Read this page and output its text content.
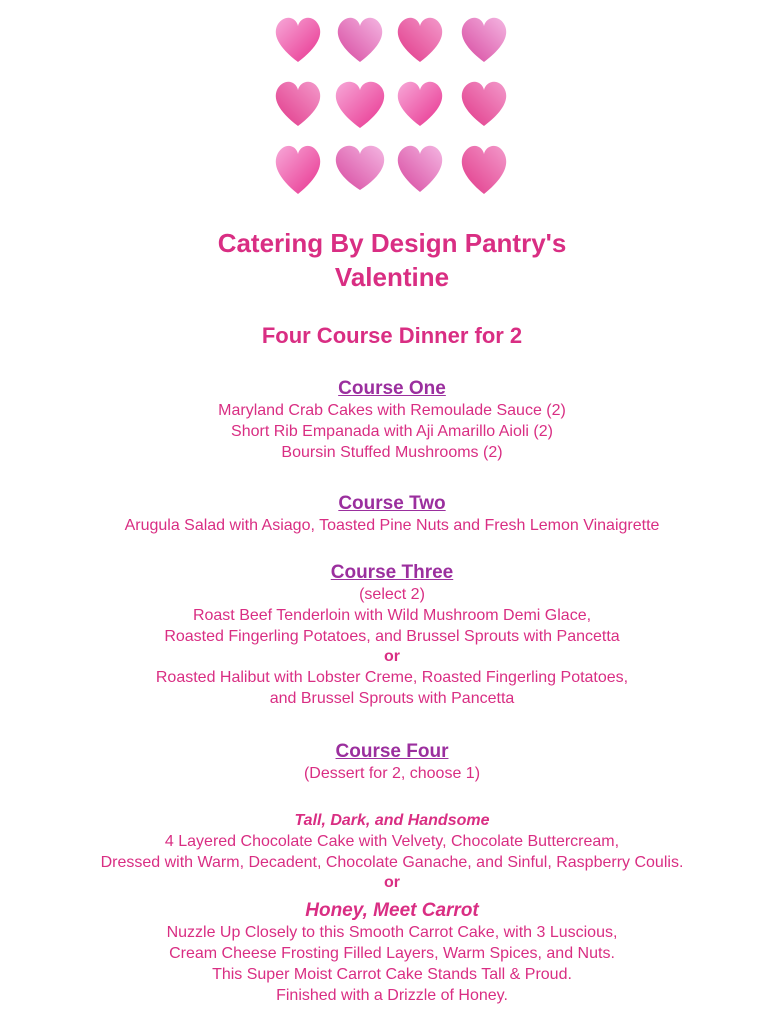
Catering By Design Pantry's
Valentine
Four Course Dinner for 2
Course One
Maryland Crab Cakes with Remoulade Sauce (2)
Short Rib Empanada with Aji Amarillo Aioli (2)
Boursin Stuffed Mushrooms (2)
Course Two
Arugula Salad with Asiago, Toasted Pine Nuts and Fresh Lemon Vinaigrette
Course Three
(select 2)
Roast Beef Tenderloin with Wild Mushroom Demi Glace,
Roasted Fingerling Potatoes, and Brussel Sprouts with Pancetta
or
Roasted Halibut with Lobster Creme, Roasted Fingerling Potatoes,
and Brussel Sprouts with Pancetta
Course Four
(Dessert for 2, choose 1)
Tall, Dark, and Handsome
4 Layered Chocolate Cake with Velvety, Chocolate Buttercream,
Dressed with Warm, Decadent, Chocolate Ganache, and Sinful, Raspberry Coulis.
or
Honey, Meet Carrot
Nuzzle Up Closely to this Smooth Carrot Cake, with 3 Luscious,
Cream Cheese Frosting Filled Layers, Warm Spices, and Nuts.
This Super Moist Carrot Cake Stands Tall & Proud.
Finished with a Drizzle of Honey.
